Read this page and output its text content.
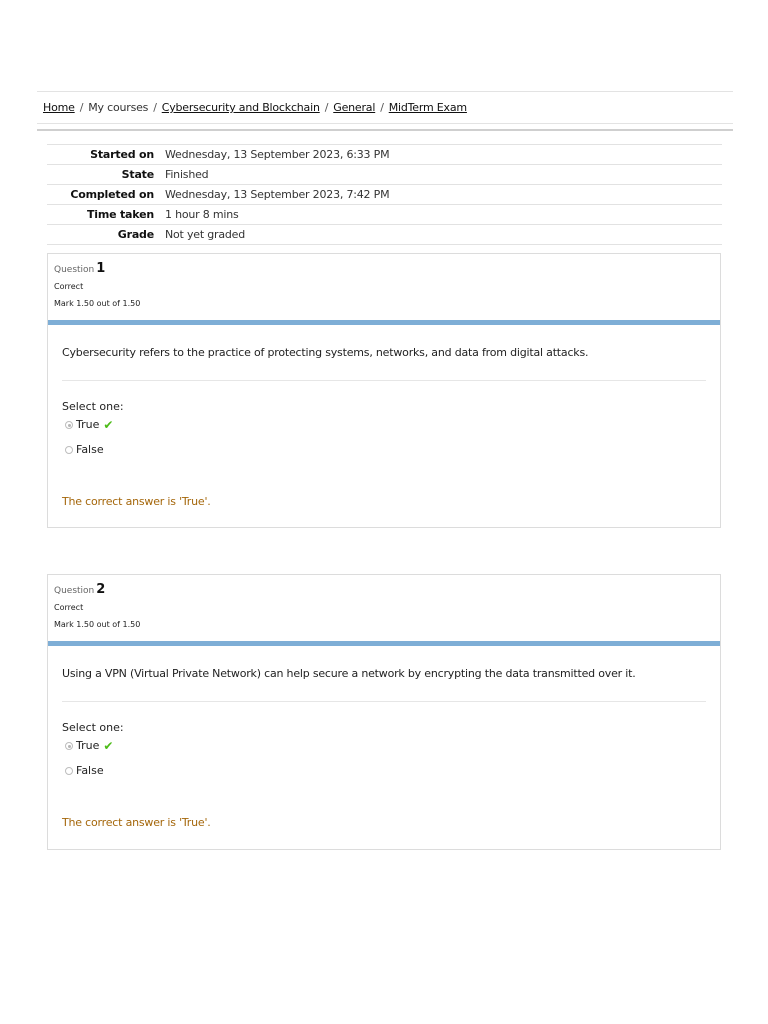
Home / My courses / Cybersecurity and Blockchain / General / MidTerm Exam
Started on	Wednesday, 13 September 2023, 6:33 PM
State	Finished
Completed on	Wednesday, 13 September 2023, 7:42 PM
Time taken	1 hour 8 mins
Grade	Not yet graded
Question 1
Correct
Mark 1.50 out of 1.50
Cybersecurity refers to the practice of protecting systems, networks, and data from digital attacks.
Select one:
True ✔
False
The correct answer is 'True'.
Question 2
Correct
Mark 1.50 out of 1.50
Using a VPN (Virtual Private Network) can help secure a network by encrypting the data transmitted over it.
Select one:
True ✔
False
The correct answer is 'True'.
